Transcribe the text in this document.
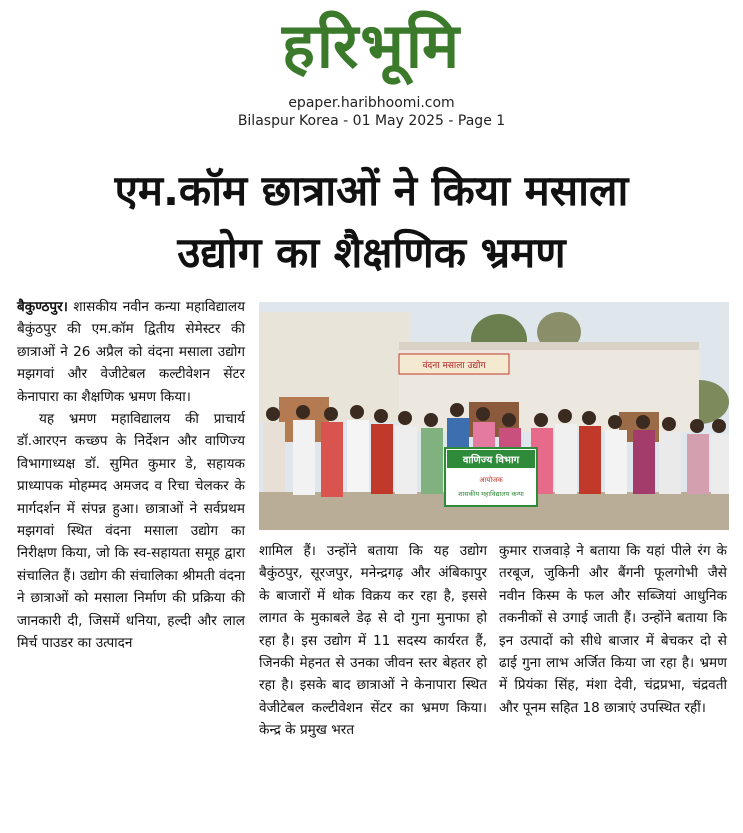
हरिभूमि
epaper.haribhoomi.com
Bilaspur Korea - 01 May 2025 - Page 1
एम.कॉम छात्राओं ने किया मसाला
उद्योग का शैक्षणिक भ्रमण

बैकुण्ठपुर। शासकीय नवीन कन्या महाविद्यालय बैकुंठपुर की एम.कॉम द्वितीय सेमेस्टर की छात्राओं ने 26 अप्रैल को वंदना मसाला उद्योग मझगवां और वेजीटेबल कल्टीवेशन सेंटर केनापारा का शैक्षणिक भ्रमण किया।

यह भ्रमण महाविद्यालय की प्राचार्य डॉ.आरएन कच्छप के निर्देशन और वाणिज्य विभागाध्यक्ष डॉ. सुमित कुमार डे, सहायक प्राध्यापक मोहम्मद अमजद व रिचा चेलकर के मार्गदर्शन में संपन्न हुआ। छात्राओं ने सर्वप्रथम मझगवां स्थित वंदना मसाला उद्योग का निरीक्षण किया, जो कि स्व-सहायता समूह द्वारा संचालित हैं। उद्योग की संचालिका श्रीमती वंदना ने छात्राओं को मसाला निर्माण की प्रक्रिया की जानकारी दी, जिसमें धनिया, हल्दी और लाल मिर्च पाउडर का उत्पादन

वंदना मसाला उद्योग
वाणिज्य विभाग
आयोजक
शासकीय महाविद्यालय कन्या

शामिल हैं। उन्होंने बताया कि यह उद्योग बैकुंठपुर, सूरजपुर, मनेन्द्रगढ़ और अंबिकापुर के बाजारों में थोक विक्रय कर रहा है, इससे लागत के मुकाबले डेढ़ से दो गुना मुनाफा हो रहा है। इस उद्योग में 11 सदस्य कार्यरत हैं, जिनकी मेहनत से उनका जीवन स्तर बेहतर हो रहा है। इसके बाद छात्राओं ने केनापारा स्थित वेजीटेबल कल्टीवेशन सेंटर का भ्रमण किया। केन्द्र के प्रमुख भरत

कुमार राजवाड़े ने बताया कि यहां पीले रंग के तरबूज, जुकिनी और बैंगनी फूलगोभी जैसे नवीन किस्म के फल और सब्जियां आधुनिक तकनीकों से उगाई जाती हैं। उन्होंने बताया कि इन उत्पादों को सीधे बाजार में बेचकर दो से ढाई गुना लाभ अर्जित किया जा रहा है। भ्रमण में प्रियंका सिंह, मंशा देवी, चंद्रप्रभा, चंद्रवती और पूनम सहित 18 छात्राएं उपस्थित रहीं।
